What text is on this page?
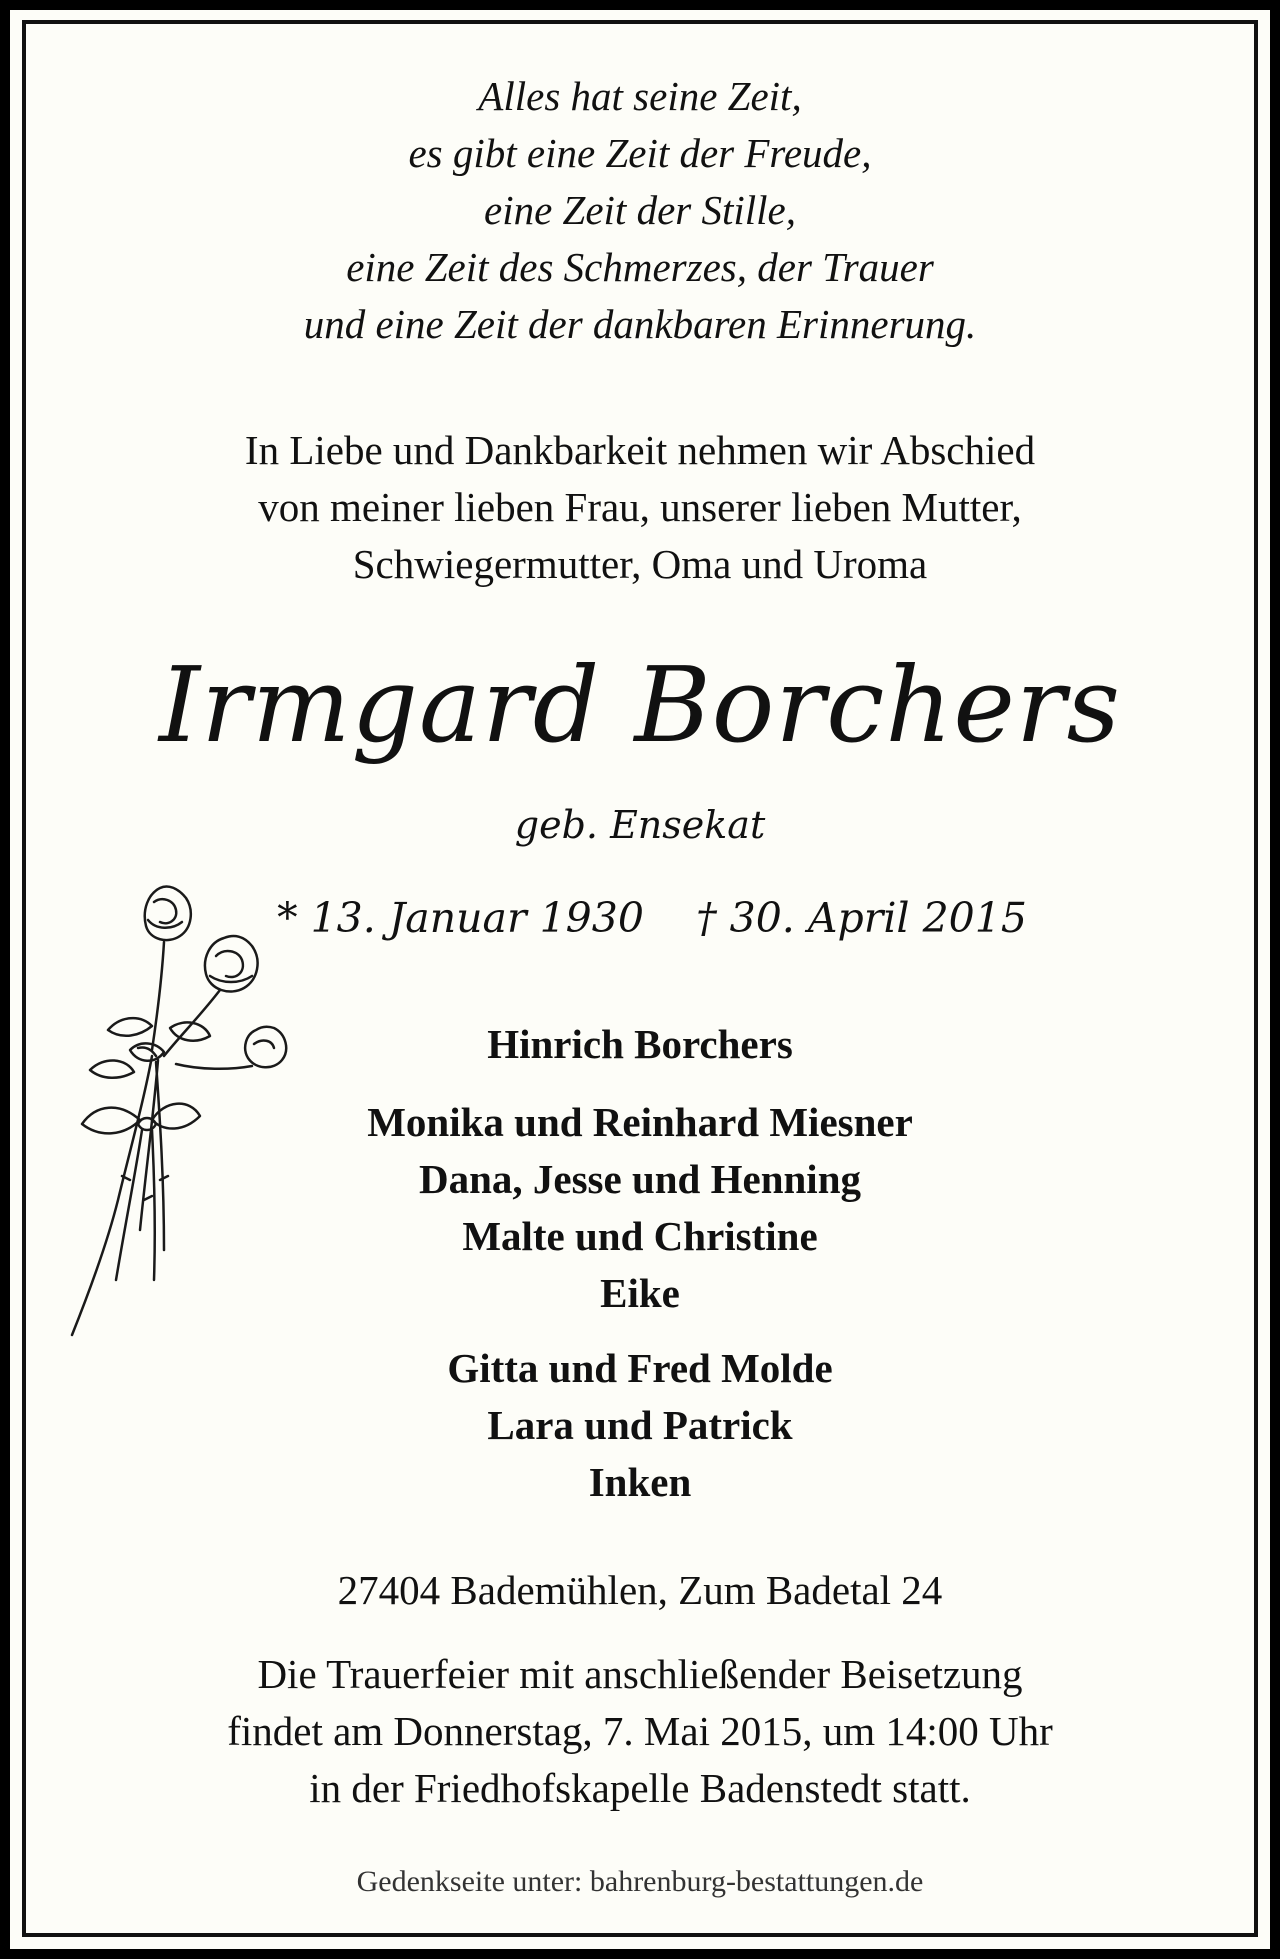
Alles hat seine Zeit,
es gibt eine Zeit der Freude,
eine Zeit der Stille,
eine Zeit des Schmerzes, der Trauer
und eine Zeit der dankbaren Erinnerung.

In Liebe und Dankbarkeit nehmen wir Abschied
von meiner lieben Frau, unserer lieben Mutter,
Schwiegermutter, Oma und Uroma

Irmgard Borchers
geb. Ensekat
* 13. Januar 1930 † 30. April 2015
Hinrich Borchers
Monika und Reinhard Miesner
Dana, Jesse und Henning
Malte und Christine
Eike
Gitta und Fred Molde
Lara und Patrick
Inken
27404 Bademühlen, Zum Badetal 24

Die Trauerfeier mit anschließender Beisetzung
findet am Donnerstag, 7. Mai 2015, um 14:00 Uhr
in der Friedhofskapelle Badenstedt statt.

Gedenkseite unter: bahrenburg-bestattungen.de
